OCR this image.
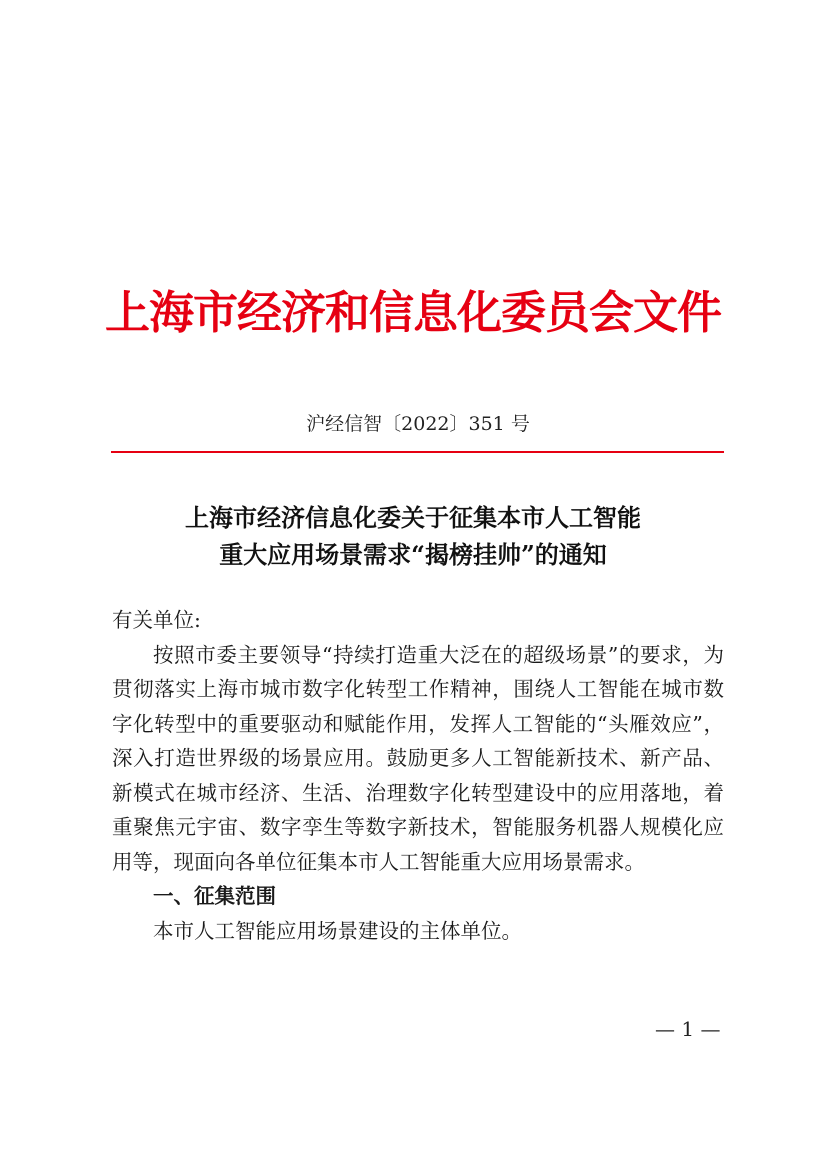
上海市经济和信息化委员会文件
沪经信智〔2022〕351 号
上海市经济信息化委关于征集本市人工智能
重大应用场景需求“揭榜挂帅”的通知

有关单位:

按照市委主要领导“持续打造重大泛在的超级场景”的要求，为贯彻落实上海市城市数字化转型工作精神，围绕人工智能在城市数字化转型中的重要驱动和赋能作用，发挥人工智能的“头雁效应”，深入打造世界级的场景应用。鼓励更多人工智能新技术、新产品、新模式在城市经济、生活、治理数字化转型建设中的应用落地，着重聚焦元宇宙、数字孪生等数字新技术，智能服务机器人规模化应用等，现面向各单位征集本市人工智能重大应用场景需求。

一、征集范围

本市人工智能应用场景建设的主体单位。

— 1 —
